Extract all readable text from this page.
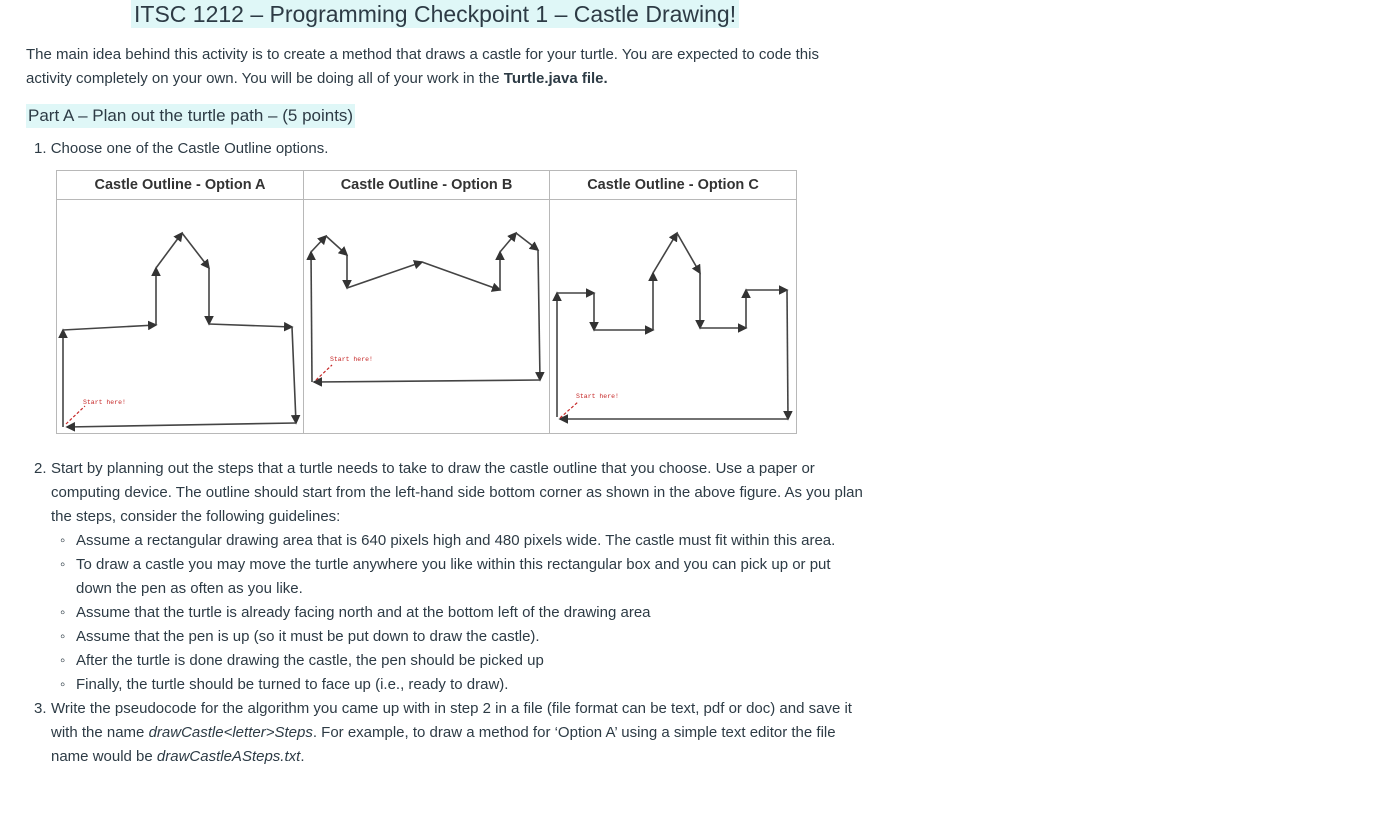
ITSC 1212 – Programming Checkpoint 1 – Castle Drawing!
The main idea behind this activity is to create a method that draws a castle for your turtle. You are expected to code this activity completely on your own. You will be doing all of your work in the Turtle.java file.
Part A – Plan out the turtle path – (5 points)
1. Choose one of the Castle Outline options.
Castle Outline - Option A	Castle Outline - Option B	Castle Outline - Option C

Start here!	Start here!	Start here!
2. Start by planning out the steps that a turtle needs to take to draw the castle outline that you choose. Use a paper or computing device. The outline should start from the left-hand side bottom corner as shown in the above figure. As you plan the steps, consider the following guidelines:
◦ Assume a rectangular drawing area that is 640 pixels high and 480 pixels wide. The castle must fit within this area.
◦ To draw a castle you may move the turtle anywhere you like within this rectangular box and you can pick up or put down the pen as often as you like.
◦ Assume that the turtle is already facing north and at the bottom left of the drawing area
◦ Assume that the pen is up (so it must be put down to draw the castle).
◦ After the turtle is done drawing the castle, the pen should be picked up
◦ Finally, the turtle should be turned to face up (i.e., ready to draw).
3. Write the pseudocode for the algorithm you came up with in step 2 in a file (file format can be text, pdf or doc) and save it with the name drawCastle<letter>Steps. For example, to draw a method for ‘Option A’ using a simple text editor the file name would be drawCastleASteps.txt.
